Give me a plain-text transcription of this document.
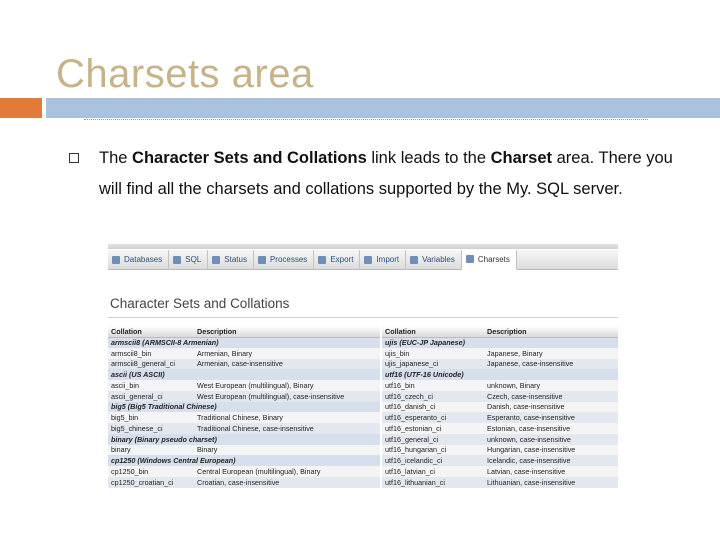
Charsets area
The Character Sets and Collations link leads to the Charset area. There you will find all the charsets and collations supported by the My. SQL server.
Databases	SQL	Status	Processes	Export	Import	Variables	Charsets
Character Sets and Collations
Collation	Description
armscii8 (ARMSCII-8 Armenian)	
armscii8_bin	Armenian, Binary
armscii8_general_ci	Armenian, case-insensitive
ascii (US ASCII)	
ascii_bin	West European (multilingual), Binary
ascii_general_ci	West European (multilingual), case-insensitive
big5 (Big5 Traditional Chinese)	
big5_bin	Traditional Chinese, Binary
big5_chinese_ci	Traditional Chinese, case-insensitive
binary (Binary pseudo charset)	
binary	Binary
cp1250 (Windows Central European)	
cp1250_bin	Central European (multilingual), Binary
cp1250_croatian_ci	Croatian, case-insensitive
Collation	Description
ujis (EUC-JP Japanese)	
ujis_bin	Japanese, Binary
ujis_japanese_ci	Japanese, case-insensitive
utf16 (UTF-16 Unicode)	
utf16_bin	unknown, Binary
utf16_czech_ci	Czech, case-insensitive
utf16_danish_ci	Danish, case-insensitive
utf16_esperanto_ci	Esperanto, case-insensitive
utf16_estonian_ci	Estonian, case-insensitive
utf16_general_ci	unknown, case-insensitive
utf16_hungarian_ci	Hungarian, case-insensitive
utf16_icelandic_ci	Icelandic, case-insensitive
utf16_latvian_ci	Latvian, case-insensitive
utf16_lithuanian_ci	Lithuanian, case-insensitive
